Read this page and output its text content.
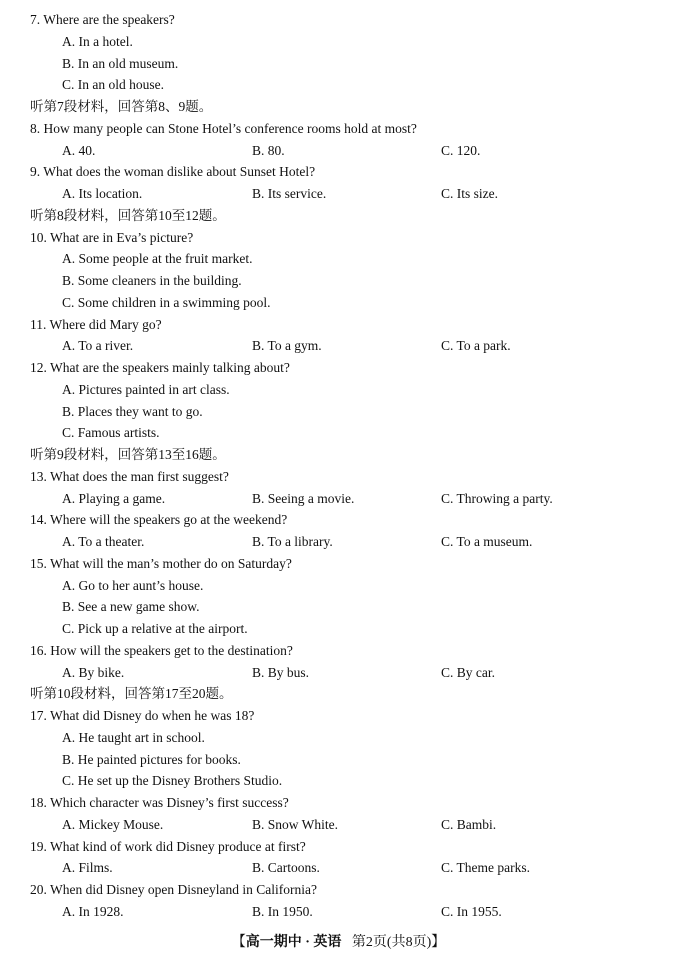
7. Where are the speakers?
A. In a hotel.
B. In an old museum.
C. In an old house.
听第7段材料，回答第8、9题。
8. How many people can Stone Hotel’s conference rooms hold at most?
A. 40.	B. 80.	C. 120.
9. What does the woman dislike about Sunset Hotel?
A. Its location.	B. Its service.	C. Its size.
听第8段材料，回答第10至12题。
10. What are in Eva’s picture?
A. Some people at the fruit market.
B. Some cleaners in the building.
C. Some children in a swimming pool.
11. Where did Mary go?
A. To a river.	B. To a gym.	C. To a park.
12. What are the speakers mainly talking about?
A. Pictures painted in art class.
B. Places they want to go.
C. Famous artists.
听第9段材料，回答第13至16题。
13. What does the man first suggest?
A. Playing a game.	B. Seeing a movie.	C. Throwing a party.
14. Where will the speakers go at the weekend?
A. To a theater.	B. To a library.	C. To a museum.
15. What will the man’s mother do on Saturday?
A. Go to her aunt’s house.
B. See a new game show.
C. Pick up a relative at the airport.
16. How will the speakers get to the destination?
A. By bike.	B. By bus.	C. By car.
听第10段材料，回答第17至20题。
17. What did Disney do when he was 18?
A. He taught art in school.
B. He painted pictures for books.
C. He set up the Disney Brothers Studio.
18. Which character was Disney’s first success?
A. Mickey Mouse.	B. Snow White.	C. Bambi.
19. What kind of work did Disney produce at first?
A. Films.	B. Cartoons.	C. Theme parks.
20. When did Disney open Disneyland in California?
A. In 1928.	B. In 1950.	C. In 1955.
【高一期中 · 英语 第2页(共8页)】
